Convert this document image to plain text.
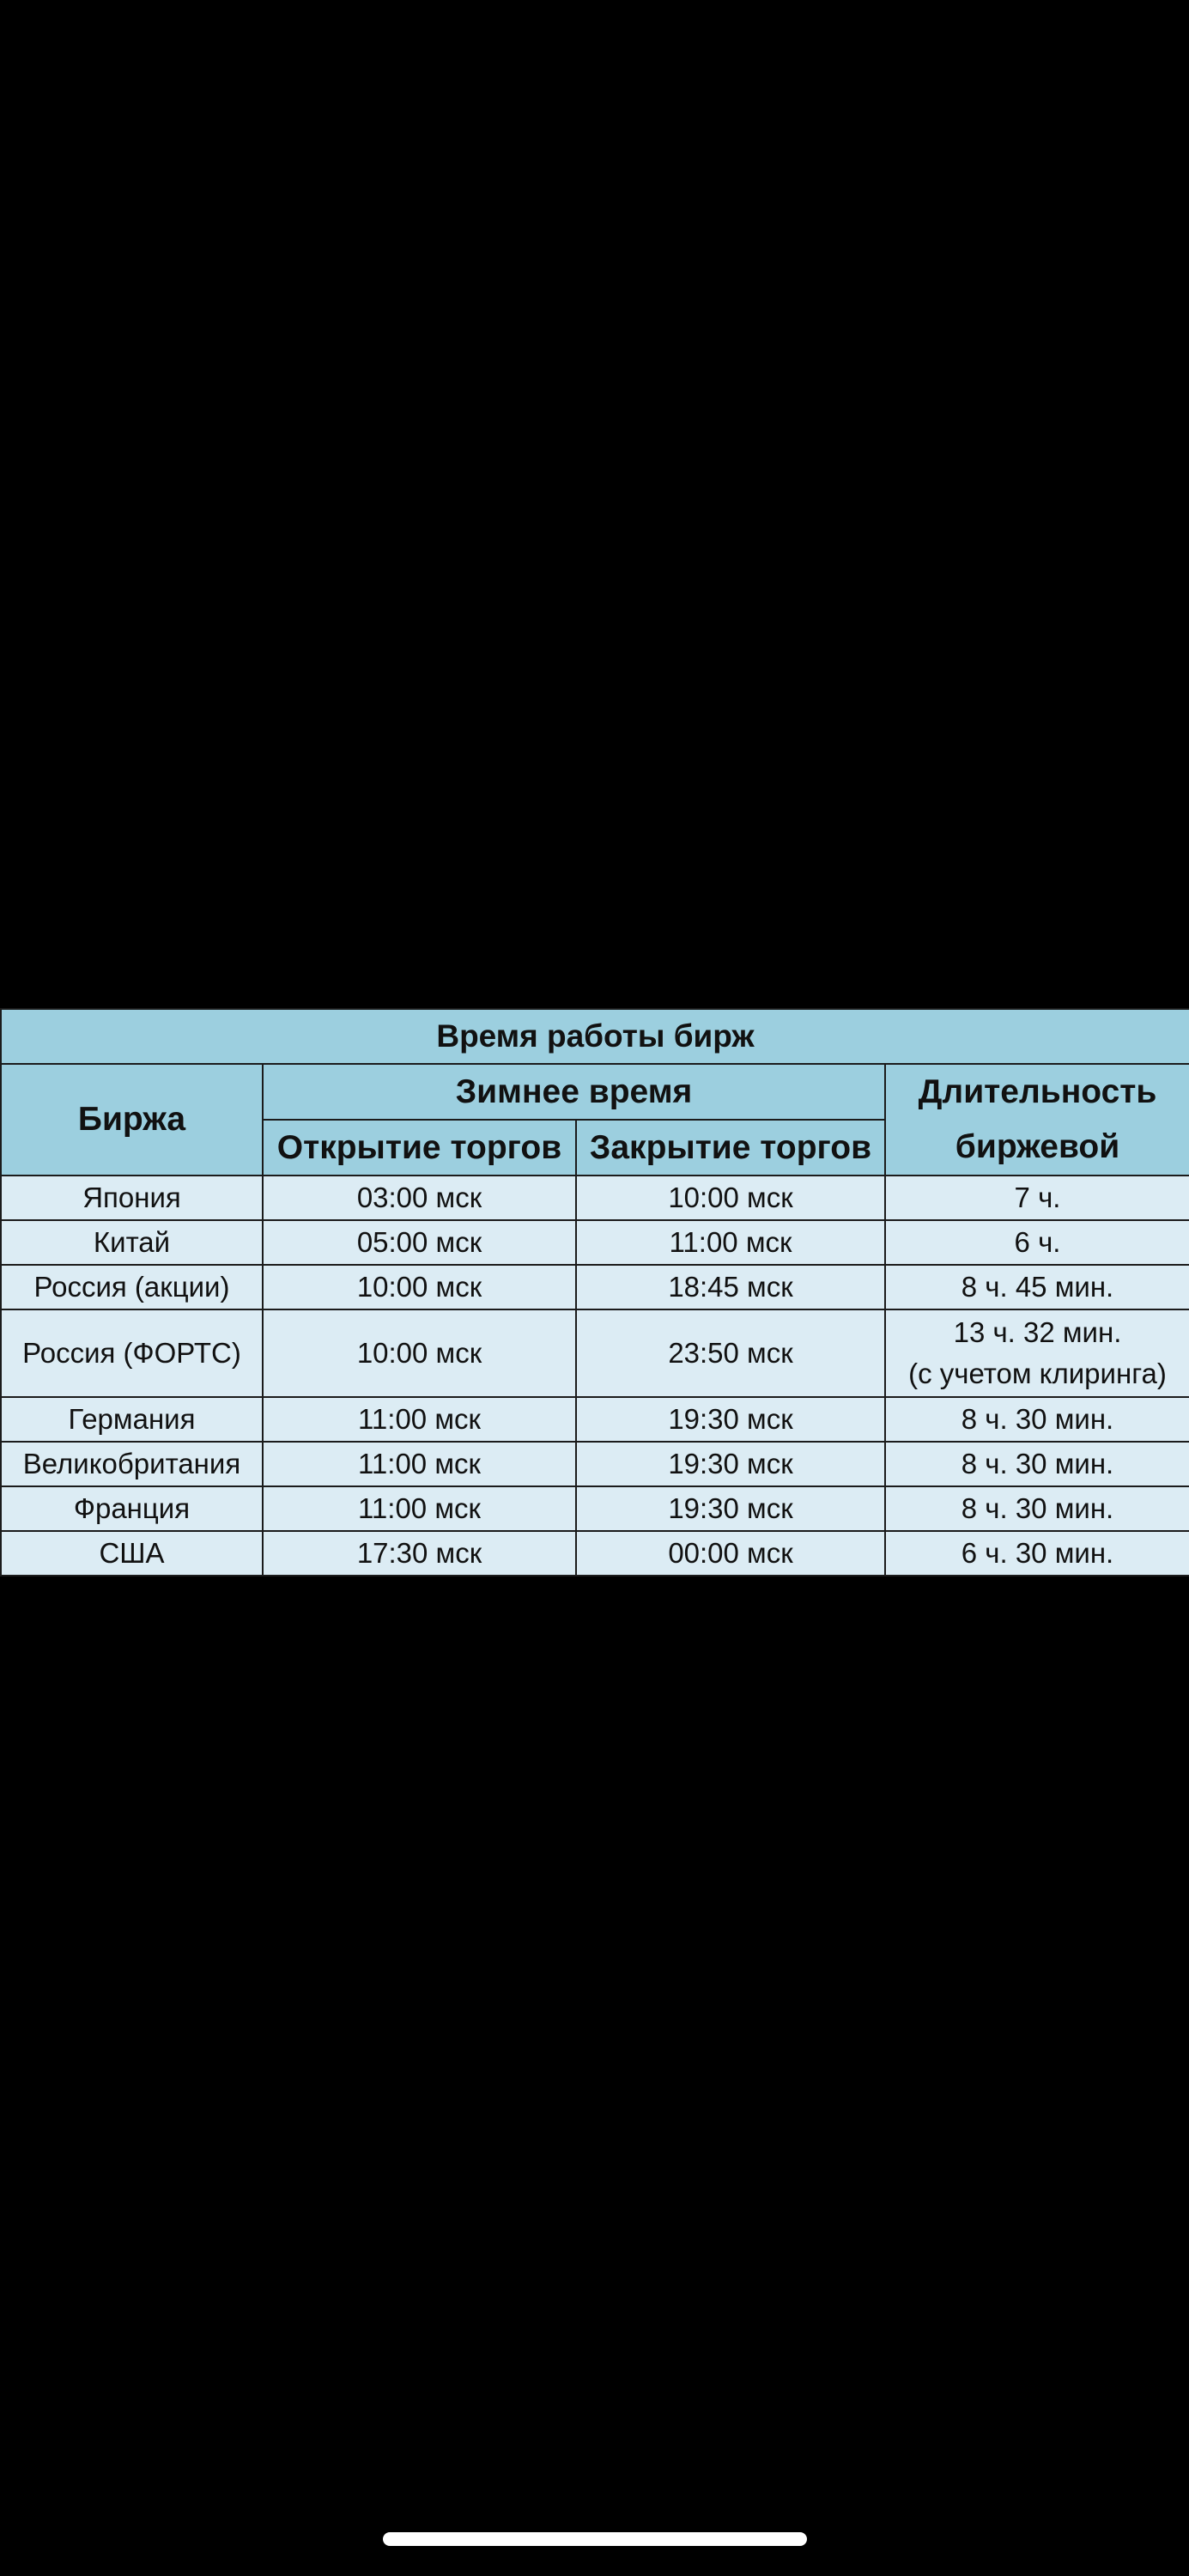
Время работы бирж			
Биржа	Зимнее время		Длительность
биржевой

	Открытие торгов	Закрытие торгов	
Япония	03:00 мск	10:00 мск	7 ч.
Китай	05:00 мск	11:00 мск	6 ч.
Россия (акции)	10:00 мск	18:45 мск	8 ч. 45 мин.
Россия (ФОРТС)	10:00 мск	23:50 мск	13 ч. 32 мин.
(с учетом клиринга)

Германия	11:00 мск	19:30 мск	8 ч. 30 мин.
Великобритания	11:00 мск	19:30 мск	8 ч. 30 мин.
Франция	11:00 мск	19:30 мск	8 ч. 30 мин.
США	17:30 мск	00:00 мск	6 ч. 30 мин.
